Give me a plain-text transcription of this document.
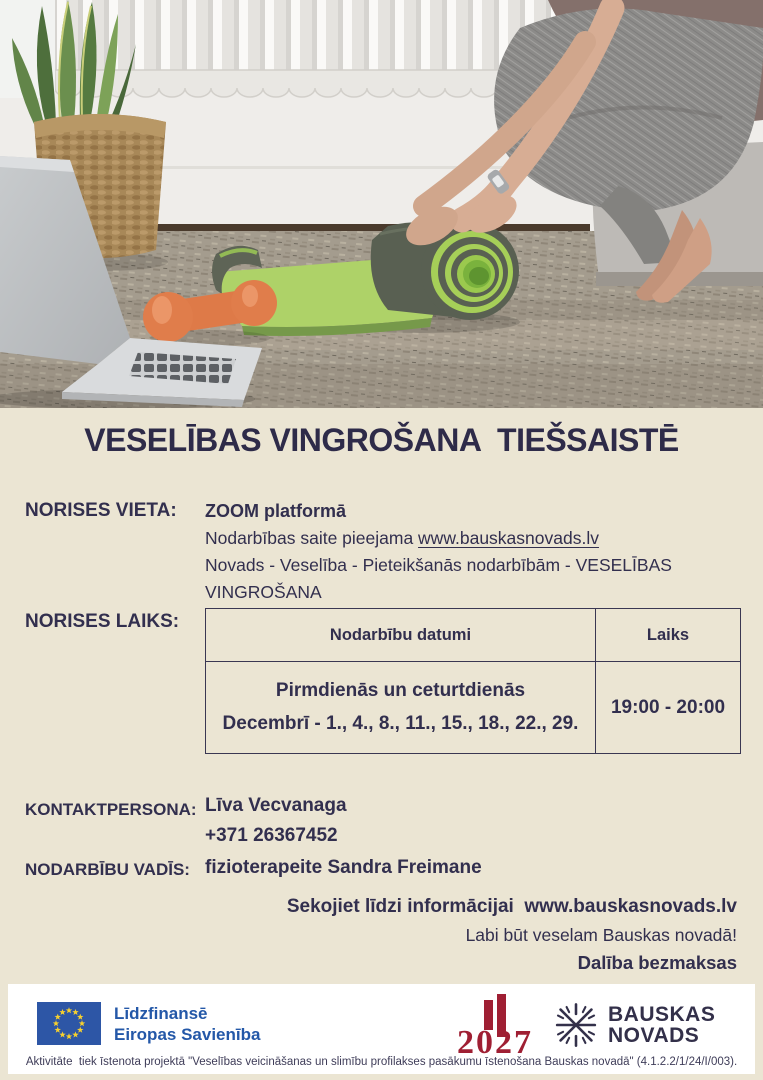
VESELĪBAS VINGROŠANA  TIEŠSAISTĒ
NORISES VIETA: ZOOM platformā
Nodarbības saite pieejama www.bauskasnovads.lv
Novads - Veselība - Pieteikšanās nodarbībām - VESELĪBAS VINGROŠANA
NORISES LAIKS:
Nodarbību datumi	Laiks
Pirmdienās un ceturtdienās
Decembrī - 1., 4., 8., 11., 15., 18., 22., 29.
19:00 - 20:00
KONTAKTPERSONA: Līva Vecvanaga
+371 26367452
NODARBĪBU VADĪS: fizioterapeite Sandra Freimane
Sekojiet līdzi informācijai  www.bauskasnovads.lv
Labi būt veselam Bauskas novadā!
Dalība bezmaksas
Līdzfinansē
Eiropas Savienība	2027
BAUSKAS
NOVADS
Aktivitāte  tiek īstenota projektā "Veselības veicināšanas un slimību profilakses pasākumu īstenošana Bauskas novadā" (4.1.2.2/1/24/I/003).
